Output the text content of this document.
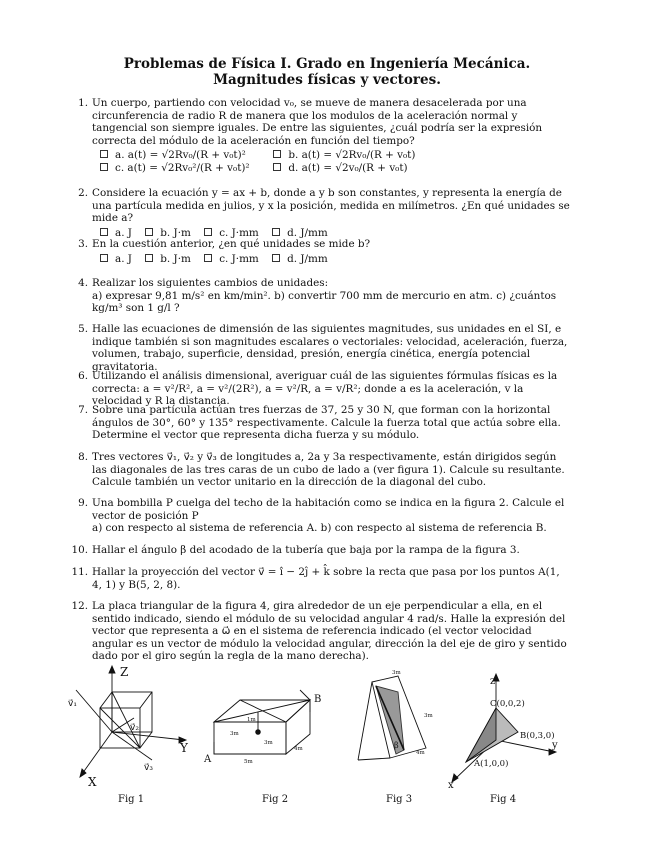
Problemas de Física I. Grado en Ingeniería Mecánica.
Magnitudes físicas y vectores.
1. Un cuerpo, partiendo con velocidad v₀, se mueve de manera desacelerada por una circunferencia de radio R de manera que los modulos de la aceleración normal y tangencial son siempre iguales. De entre las siguientes, ¿cuál podría ser la expresión correcta del módulo de la aceleración en función del tiempo?
a. a(t) = √2Rv₀/(R + v₀t)²	b. a(t) = √2Rv₀/(R + v₀t)
c. a(t) = √2Rv₀²/(R + v₀t)²	d. a(t) = √2v₀/(R + v₀t)
2. Considere la ecuación y = ax + b, donde a y b son constantes, y representa la energía de una partícula medida en julios, y x la posición, medida en milímetros. ¿En qué unidades se mide a?
a. J	b. J·m	c. J·mm	d. J/mm
3. En la cuestión anterior, ¿en qué unidades se mide b?
a. J	b. J·m	c. J·mm	d. J/mm
4. Realizar los siguientes cambios de unidades:
a) expresar 9,81 m/s² en km/min². b) convertir 700 mm de mercurio en atm. c) ¿cuántos kg/m³ son 1 g/l ?
5. Halle las ecuaciones de dimensión de las siguientes magnitudes, sus unidades en el SI, e indique también si son magnitudes escalares o vectoriales: velocidad, aceleración, fuerza, volumen, trabajo, superficie, densidad, presión, energía cinética, energía potencial gravitatoria.
6. Utilizando el análisis dimensional, averiguar cuál de las siguientes fórmulas físicas es la correcta: a = v²/R², a = v²/(2R²), a = v²/R, a = v/R²; donde a es la aceleración, v la velocidad y R la distancia.
7. Sobre una partícula actúan tres fuerzas de 37, 25 y 30 N, que forman con la horizontal ángulos de 30°, 60° y 135° respectivamente. Calcule la fuerza total que actúa sobre ella. Determine el vector que representa dicha fuerza y su módulo.
8. Tres vectores v⃗₁, v⃗₂ y v⃗₃ de longitudes a, 2a y 3a respectivamente, están dirigidos según las diagonales de las tres caras de un cubo de lado a (ver figura 1). Calcule su resultante. Calcule también un vector unitario en la dirección de la diagonal del cubo.
9. Una bombilla P cuelga del techo de la habitación como se indica en la figura 2. Calcule el vector de posición P
a) con respecto al sistema de referencia A. b) con respecto al sistema de referencia B.
10. Hallar el ángulo β del acodado de la tubería que baja por la rampa de la figura 3.
11. Hallar la proyección del vector v⃗ = î − 2ĵ + k̂ sobre la recta que pasa por los puntos A(1, 4, 1) y B(5, 2, 8).
12. La placa triangular de la figura 4, gira alrededor de un eje perpendicular a ella, en el sentido indicado, siendo el módulo de su velocidad angular 4 rad/s. Halle la expresión del vector que representa a ω⃗ en el sistema de referencia indicado (el vector velocidad angular es un vector de módulo la velocidad angular, dirección la del eje de giro y sentido dado por el giro según la regla de la mano derecha).
Z
Y
X
v⃗₁
v⃗₂
v⃗₃
Fig 1
A
B
1m
3m
3m
4m
5m
Fig 2
3m
3m
β
4m
Fig 3
z
y
x
C(0,0,2)
B(0,3,0)
A(1,0,0)
Fig 4
